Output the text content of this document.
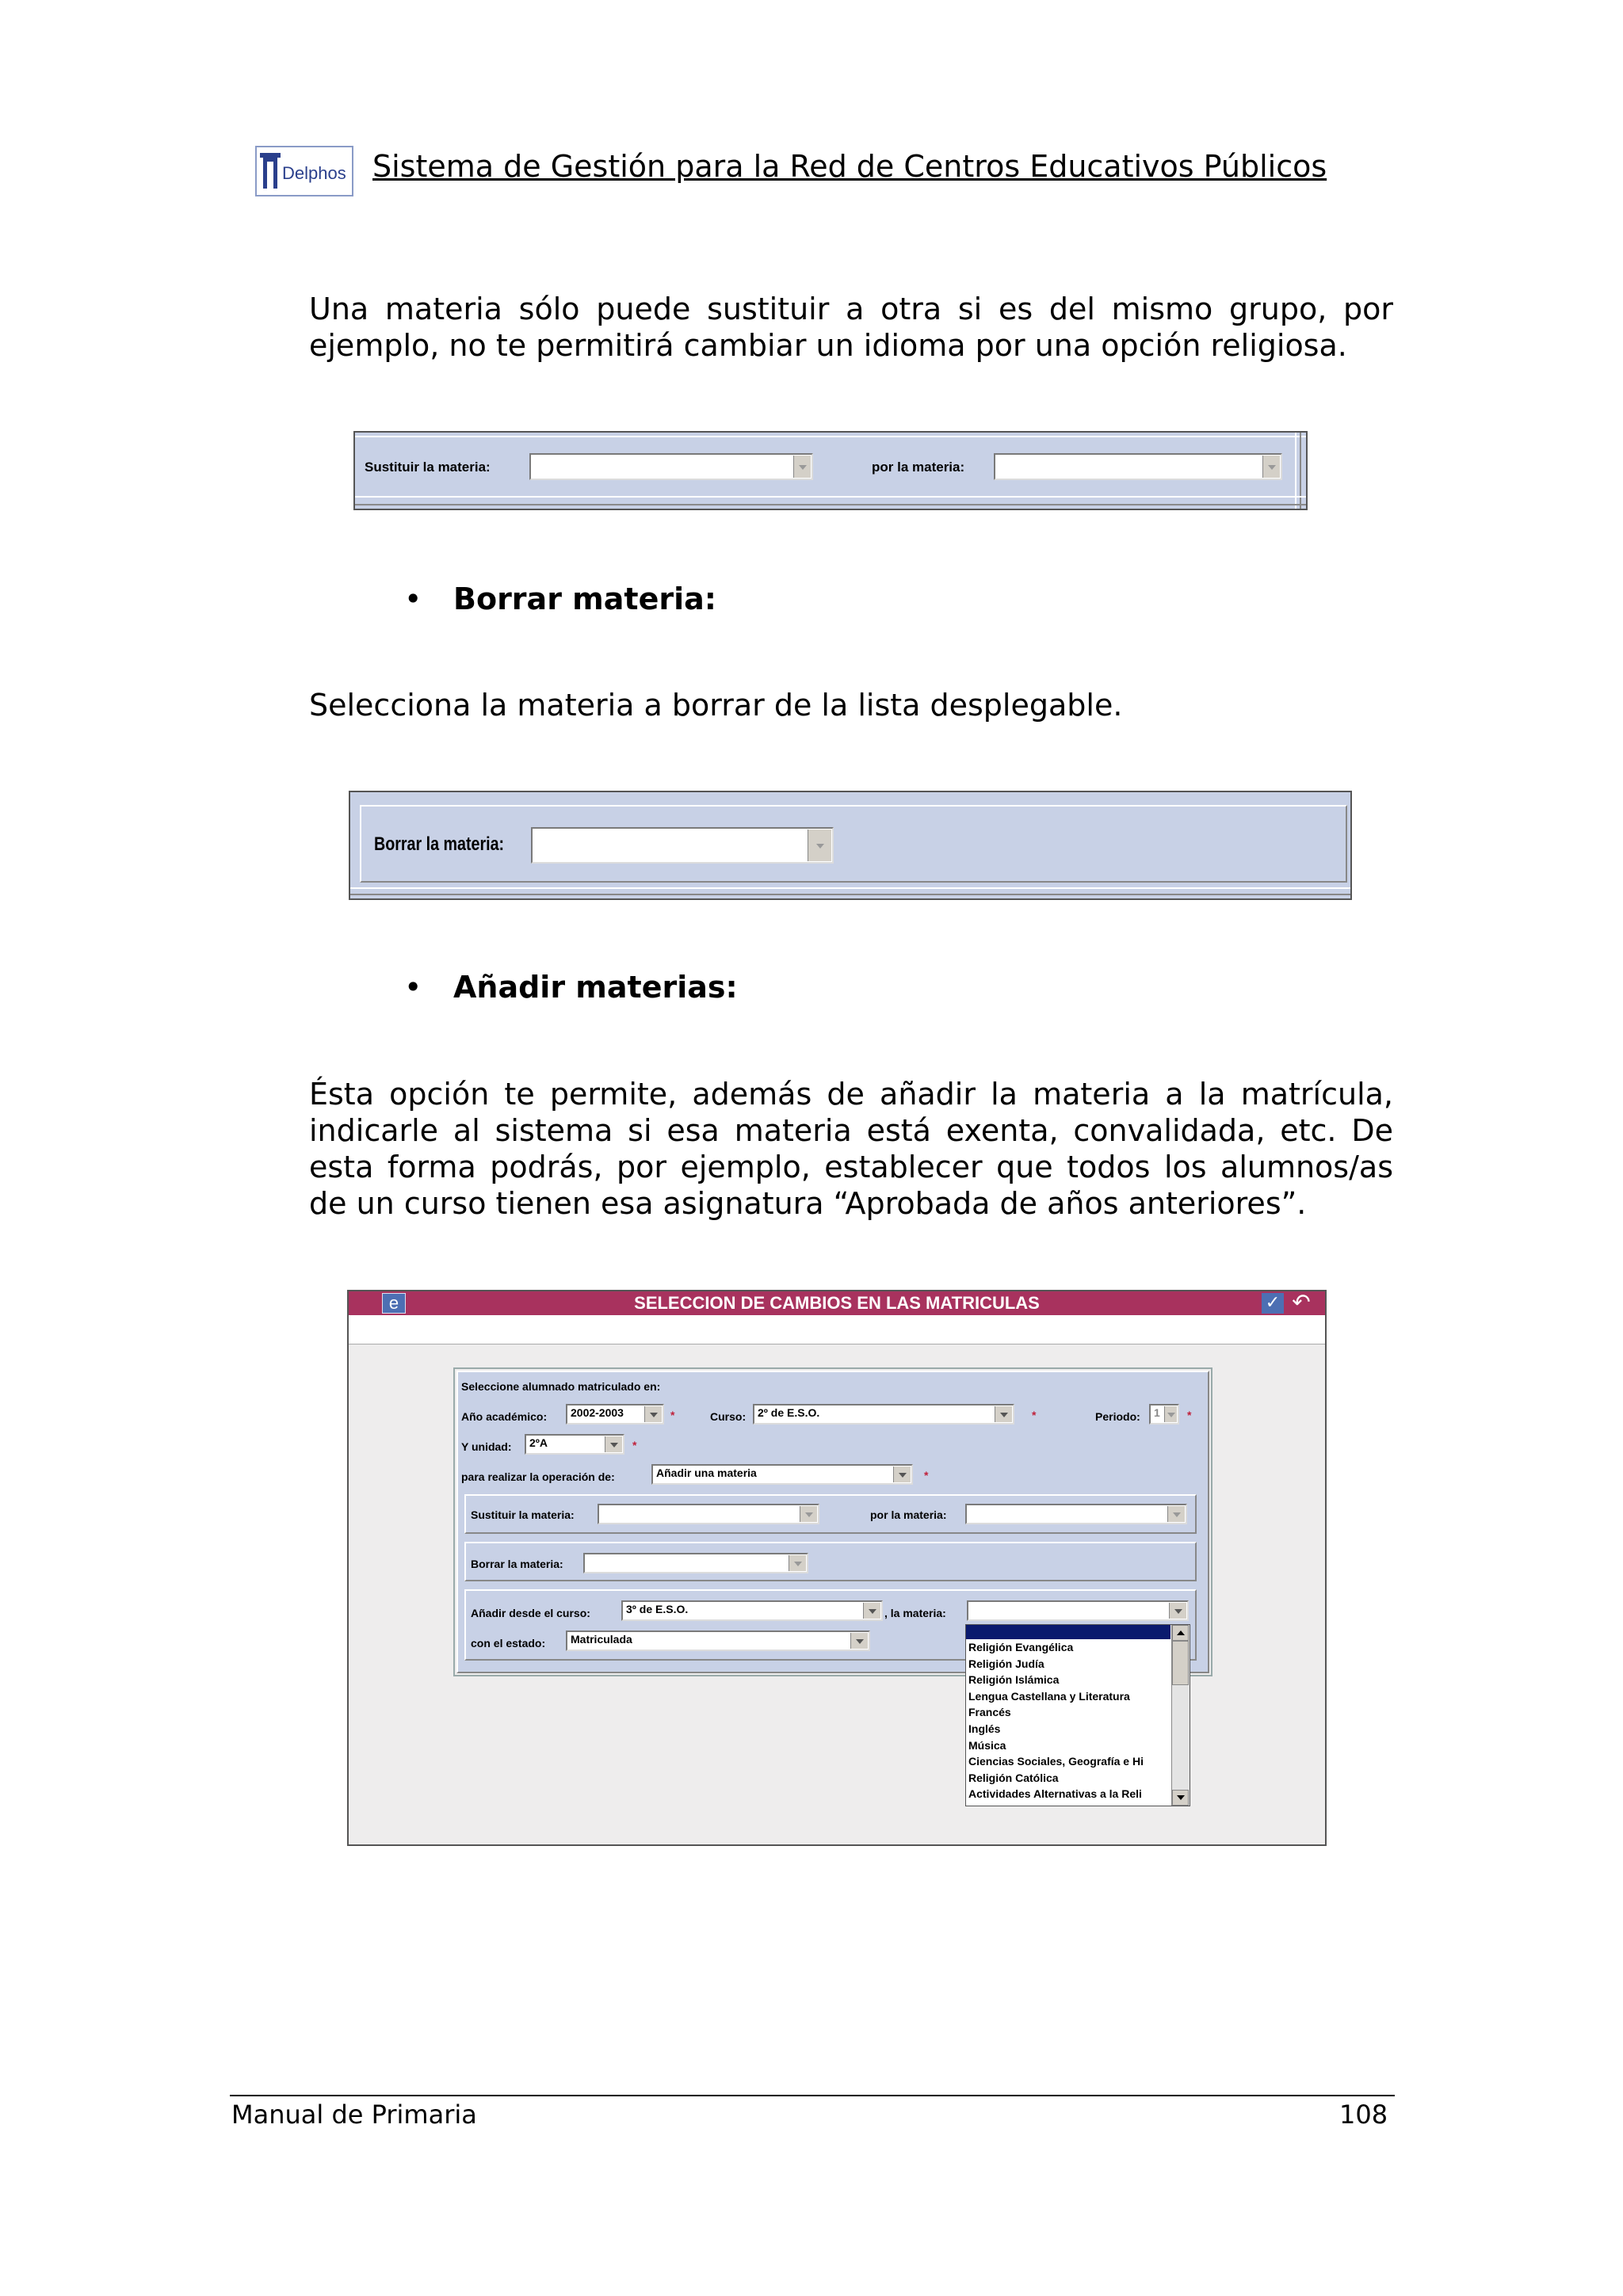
Delphos Sistema de Gestión para la Red de Centros Educativos Públicos
Una materia sólo puede sustituir a otra si es del mismo grupo, por ejemplo, no te permitirá cambiar un idioma por una opción religiosa.
Sustituir la materia:	por la materia:
• Borrar materia:
Selecciona la materia a borrar de la lista desplegable.
Borrar la materia:
• Añadir materias:
Ésta opción te permite, además de añadir la materia a la matrícula, indicarle al sistema si esa materia está exenta, convalidada, etc. De esta forma podrás, por ejemplo, establecer que todos los alumnos/as de un curso tienen esa asignatura “Aprobada de años anteriores”.
e	SELECCION DE CAMBIOS EN LAS MATRICULAS	✓ ↶
Seleccione alumnado matriculado en:
Año académico: 2002-2003	*	Curso: 2º de E.S.O.	*	Periodo: 1 *
Y unidad: 2ºA	*
para realizar la operación de:	Añadir una materia	*
Sustituir la materia:	por la materia:
Borrar la materia:
Añadir desde el curso:	3º de E.S.O.	, la materia:
con el estado: Matriculada
Religión Evangélica
Religión Judía
Religión Islámica
Lengua Castellana y Literatura
Francés
Inglés
Música
Ciencias Sociales, Geografía e Hi
Religión Católica
Actividades Alternativas a la Reli
Manual de Primaria	108
